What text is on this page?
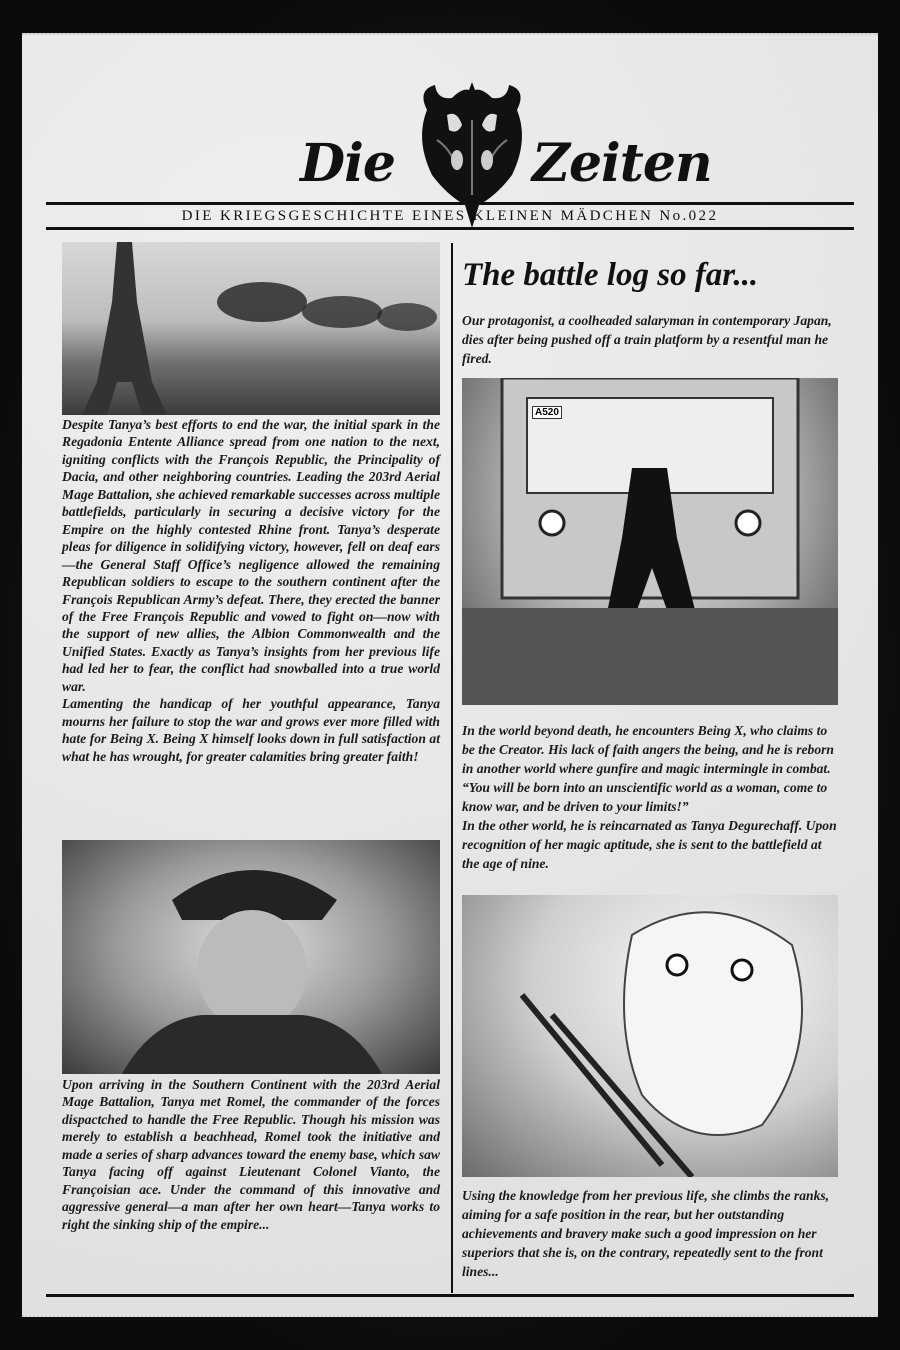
Die	Zeiten
DIE KRIEGSGESCHICHTE EINES KLEINEN MÄDCHEN No.022

Despite Tanya’s best efforts to end the war, the initial spark in the Regadonia Entente Alliance spread from one nation to the next, igniting conflicts with the François Republic, the Principality of Dacia, and other neighboring countries. Leading the 203rd Aerial Mage Battalion, she achieved remarkable successes across multiple battlefields, particularly in securing a decisive victory for the Empire on the highly contested Rhine front. Tanya’s desperate pleas for diligence in solidifying victory, however, fell on deaf ears—the General Staff Office’s negligence allowed the remaining Republican soldiers to escape to the southern continent after the François Republican Army’s defeat. There, they erected the banner of the Free François Republic and vowed to fight on—now with the support of new allies, the Albion Commonwealth and the Unified States. Exactly as Tanya’s insights from her previous life had led her to fear, the conflict had snowballed into a true world war.

Lamenting the handicap of her youthful appearance, Tanya mourns her failure to stop the war and grows ever more filled with hate for Being X. Being X himself looks down in full satisfaction at what he has wrought, for greater calamities bring greater faith!

Upon arriving in the Southern Continent with the 203rd Aerial Mage Battalion, Tanya met Romel, the commander of the forces dispactched to handle the Free Republic. Though his mission was merely to establish a beachhead, Romel took the initiative and made a series of sharp advances toward the enemy base, which saw Tanya facing off against Lieutenant Colonel Vianto, the Françoisian ace. Under the command of this innovative and aggressive general—a man after her own heart—Tanya works to right the sinking ship of the empire...

The battle log so far...

Our protagonist, a coolheaded salaryman in contemporary Japan, dies after being pushed off a train platform by a resentful man he fired.

A520

In the world beyond death, he encounters Being X, who claims to be the Creator. His lack of faith angers the being, and he is reborn in another world where gunfire and magic intermingle in combat. “You will be born into an unscientific world as a woman, come to know war, and be driven to your limits!”

In the other world, he is reincarnated as Tanya Degurechaff. Upon recognition of her magic aptitude, she is sent to the battlefield at the age of nine.

Using the knowledge from her previous life, she climbs the ranks, aiming for a safe position in the rear, but her outstanding achievements and bravery make such a good impression on her superiors that she is, on the contrary, repeatedly sent to the front lines...
